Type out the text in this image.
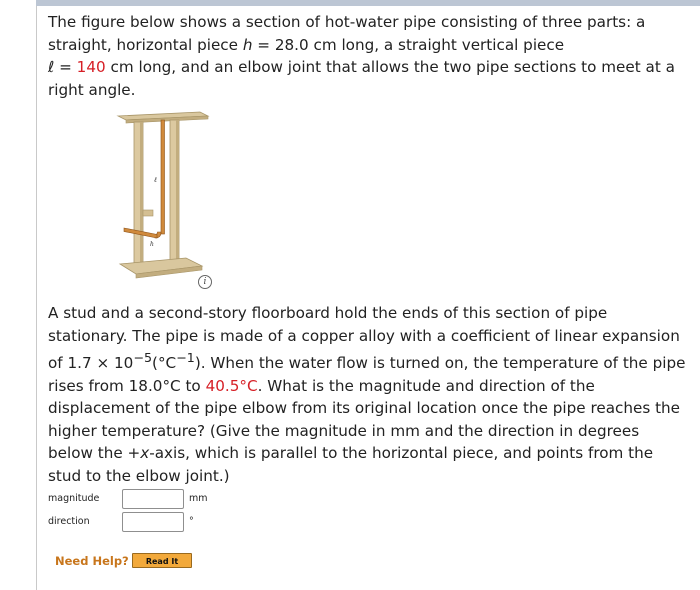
The figure below shows a section of hot-water pipe consisting of three parts: a straight, horizontal piece h = 28.0 cm long, a straight vertical piece
ℓ = 140 cm long, and an elbow joint that allows the two pipe sections to meet at a right angle.
ℓ
h
i
A stud and a second-story floorboard hold the ends of this section of pipe stationary. The pipe is made of a copper alloy with a coefficient of linear expansion of $1.7 \times 10^{-5}(^\circ C^{-1})$. When the water flow is turned on, the temperature of the pipe rises from 18.0°C to 40.5°C. What is the magnitude and direction of the displacement of the pipe elbow from its original location once the pipe reaches the higher temperature? (Give the magnitude in mm and the direction in degrees below the +x-axis, which is parallel to the horizontal piece, and points from the stud to the elbow joint.)
magnitude	mm
direction	°
Need Help?	Read It
